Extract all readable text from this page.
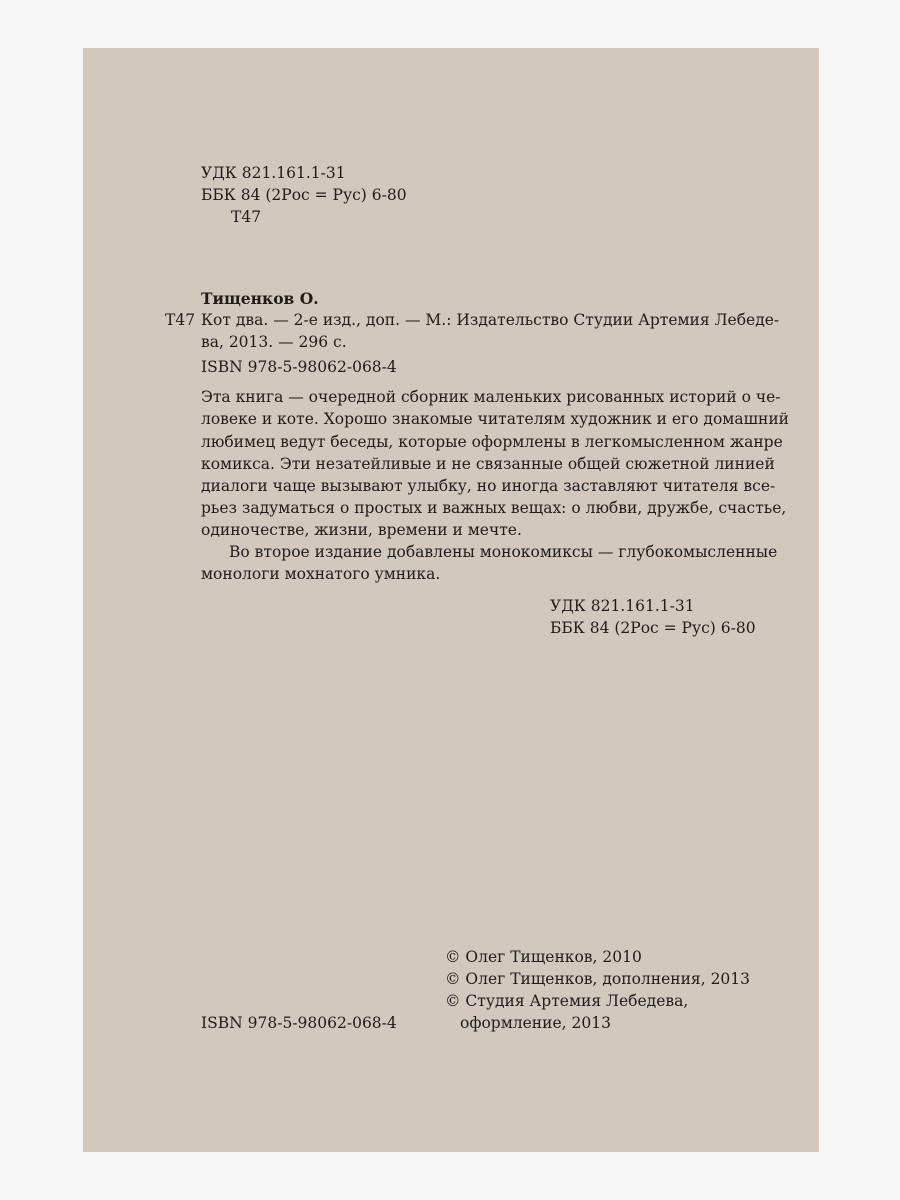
УДК 821.161.1-31
ББК 84 (2Рос = Рус) 6-80
Т47
Тищенков О.
Т47 Кот два. — 2-е изд., доп. — М.: Издательство Студии Артемия Лебеде-
ва, 2013. — 296 с.
ISBN 978-5-98062-068-4
Эта книга — очередной сборник маленьких рисованных историй о че-
ловеке и коте. Хорошо знакомые читателям художник и его домашний
любимец ведут беседы, которые оформлены в легкомысленном жанре
комикса. Эти незатейливые и не связанные общей сюжетной линией
диалоги чаще вызывают улыбку, но иногда заставляют читателя все-
рьез задуматься о простых и важных вещах: о любви, дружбе, счастье,
одиночестве, жизни, времени и мечте.
Во второе издание добавлены монокомиксы — глубокомысленные
монологи мохнатого умника.
УДК 821.161.1-31
ББК 84 (2Рос = Рус) 6-80
© Олег Тищенков, 2010
© Олег Тищенков, дополнения, 2013
© Студия Артемия Лебедева,
оформление, 2013
ISBN 978-5-98062-068-4
